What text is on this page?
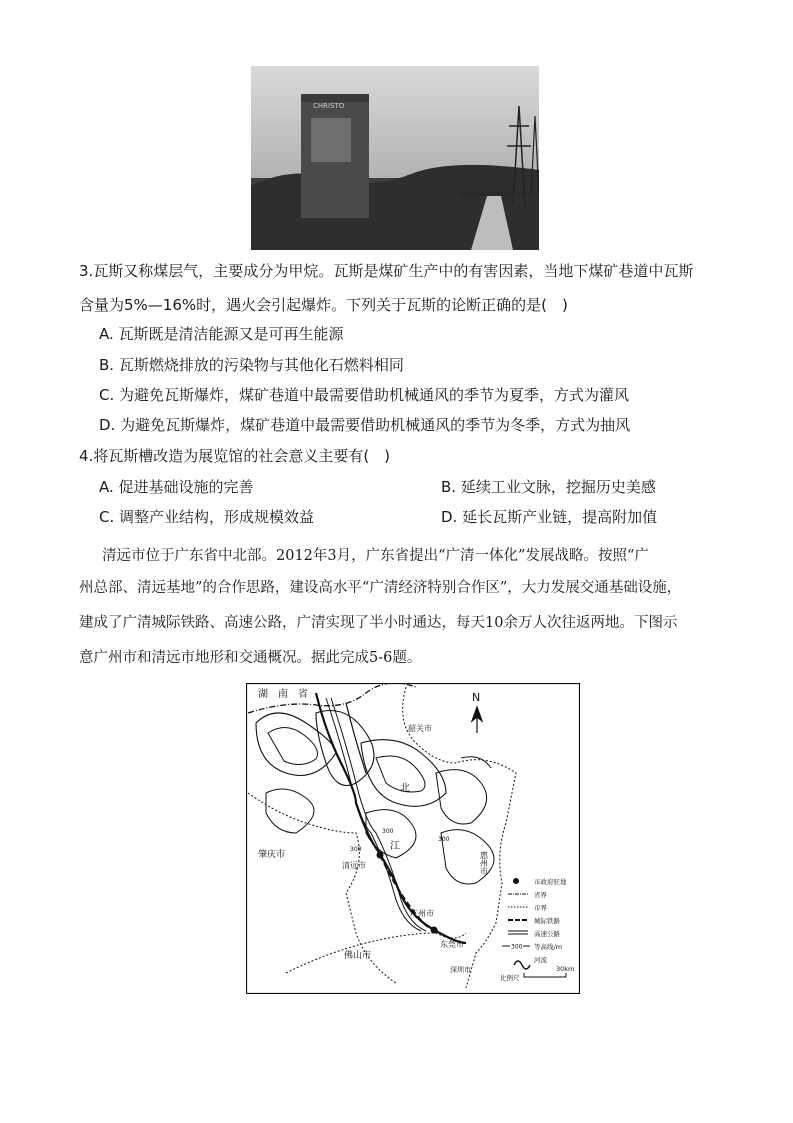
CHRISTO
3.瓦斯又称煤层气，主要成分为甲烷。瓦斯是煤矿生产中的有害因素，当地下煤矿巷道中瓦斯
含量为5%—16%时，遇火会引起爆炸。下列关于瓦斯的论断正确的是(　)
A. 瓦斯既是清洁能源又是可再生能源
B. 瓦斯燃烧排放的污染物与其他化石燃料相同
C. 为避免瓦斯爆炸，煤矿巷道中最需要借助机械通风的季节为夏季，方式为灌风
D. 为避免瓦斯爆炸，煤矿巷道中最需要借助机械通风的季节为冬季，方式为抽风
4.将瓦斯槽改造为展览馆的社会意义主要有(　)
A. 促进基础设施的完善	B. 延续工业文脉，挖掘历史美感
C. 调整产业结构，形成规模效益	D. 延长瓦斯产业链，提高附加值
清远市位于广东省中北部。2012年3月，广东省提出“广清一体化”发展战略。按照“广
州总部、清远基地”的合作思路，建设高水平“广清经济特别合作区”，大力发展交通基础设施，
建成了广清城际铁路、高速公路，广清实现了半小时通达，每天10余万人次往返两地。下图示
意广州市和清远市地形和交通概况。据此完成5-6题。
N
湖　南　省
韶关市
肇庆市
清远市
广州市
佛山市
东莞市
深圳市
惠州市
北
江
300
300
300
市政府驻地
省界
市界
城际铁路
高速公路
300 等高线/m
河流
比例尺
30km
